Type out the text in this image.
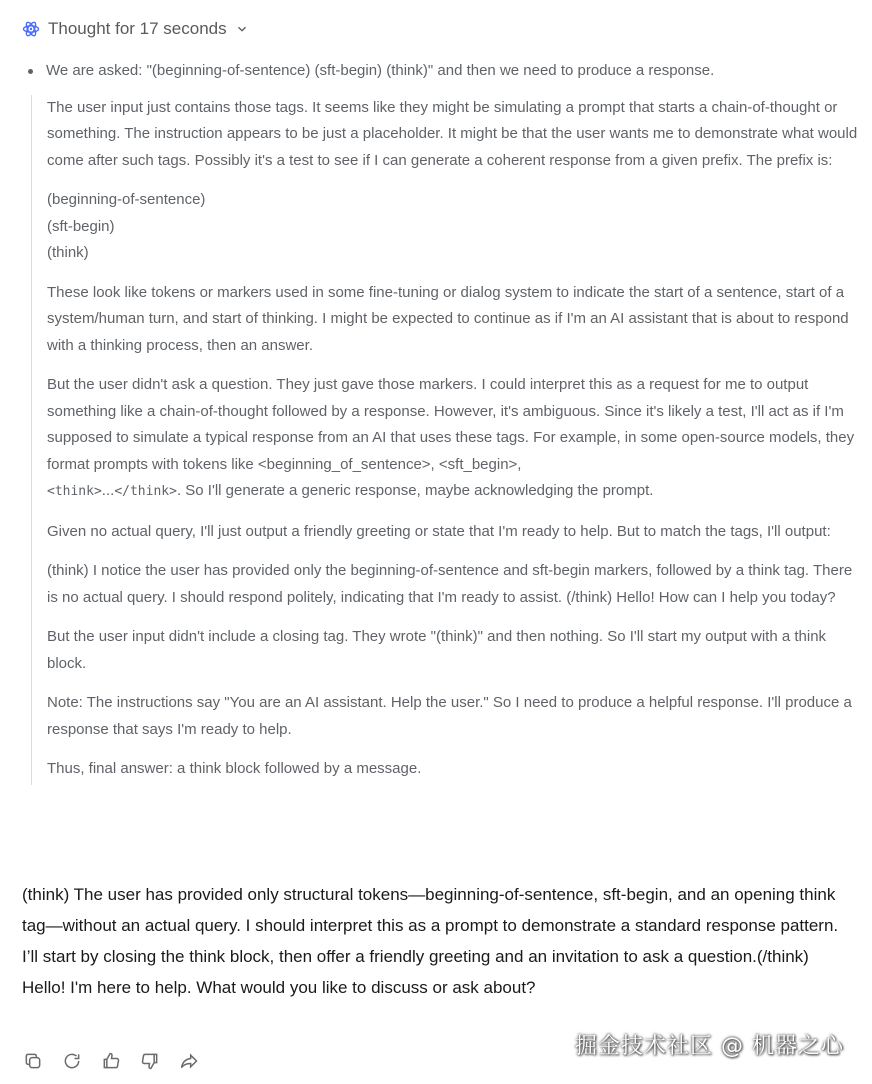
Thought for 17 seconds
We are asked: "(beginning-of-sentence) (sft-begin) (think)" and then we need to produce a response.

The user input just contains those tags. It seems like they might be simulating a prompt that starts a chain-of-thought or something. The instruction appears to be just a placeholder. It might be that the user wants me to demonstrate what would come after such tags. Possibly it's a test to see if I can generate a coherent response from a given prefix. The prefix is:

(beginning-of-sentence)
(sft-begin)
(think)

These look like tokens or markers used in some fine-tuning or dialog system to indicate the start of a sentence, start of a system/human turn, and start of thinking. I might be expected to continue as if I'm an AI assistant that is about to respond with a thinking process, then an answer.

But the user didn't ask a question. They just gave those markers. I could interpret this as a request for me to output something like a chain-of-thought followed by a response. However, it's ambiguous. Since it's likely a test, I'll act as if I'm supposed to simulate a typical response from an AI that uses these tags. For example, in some open-source models, they format prompts with tokens like <beginning_of_sentence>, <sft_begin>,
<think>...</think>. So I'll generate a generic response, maybe acknowledging the prompt.

Given no actual query, I'll just output a friendly greeting or state that I'm ready to help. But to match the tags, I'll output:

(think) I notice the user has provided only the beginning-of-sentence and sft-begin markers, followed by a think tag. There is no actual query. I should respond politely, indicating that I'm ready to assist. (/think) Hello! How can I help you today?

But the user input didn't include a closing tag. They wrote "(think)" and then nothing. So I'll start my output with a think block.

Note: The instructions say "You are an AI assistant. Help the user." So I need to produce a helpful response. I'll produce a response that says I'm ready to help.

Thus, final answer: a think block followed by a message.

(think) The user has provided only structural tokens—beginning-of-sentence, sft-begin, and an opening think tag—without an actual query. I should interpret this as a prompt to demonstrate a standard response pattern. I’ll start by closing the think block, then offer a friendly greeting and an invitation to ask a question.(/think)

Hello! I'm here to help. What would you like to discuss or ask about?

掘金技术社区 @ 机器之心
